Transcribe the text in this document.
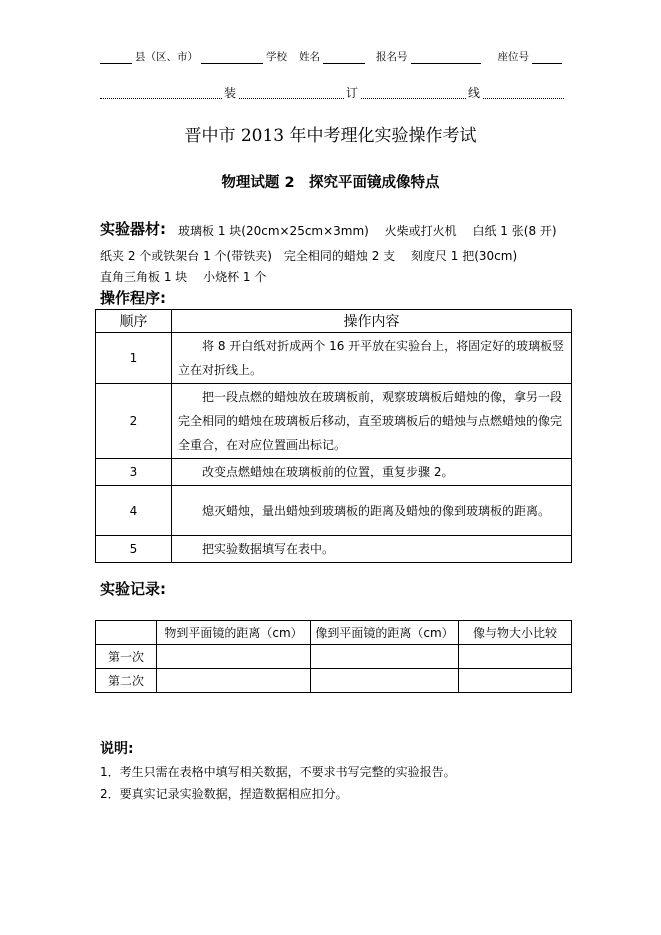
县（区、市）	学校 姓名	报名号	座位号
装	订	线
晋中市 2013 年中考理化实验操作考试
物理试题 2　探究平面镜成像特点
实验器材: 玻璃板 1 块(20cm×25cm×3mm)　 火柴或打火机　 白纸 1 张(8 开)
纸夹 2 个或铁架台 1 个(带铁夹)　完全相同的蜡烛 2 支　 刻度尺 1 把(30cm)
直角三角板 1 块　 小烧杯 1 个
操作程序:
顺序	操作内容
1	将 8 开白纸对折成两个 16 开平放在实验台上，将固定好的玻璃板竖立在对折线上。
2	把一段点燃的蜡烛放在玻璃板前，观察玻璃板后蜡烛的像，拿另一段完全相同的蜡烛在玻璃板后移动，直至玻璃板后的蜡烛与点燃蜡烛的像完全重合，在对应位置画出标记。
3	改变点燃蜡烛在玻璃板前的位置，重复步骤 2。
4	熄灭蜡烛，量出蜡烛到玻璃板的距离及蜡烛的像到玻璃板的距离。
5	把实验数据填写在表中。
实验记录:
	物到平面镜的距离（cm）	像到平面镜的距离（cm）	像与物大小比较
第一次			
第二次			
说明:
1．考生只需在表格中填写相关数据，不要求书写完整的实验报告。
2．要真实记录实验数据，捏造数据相应扣分。
